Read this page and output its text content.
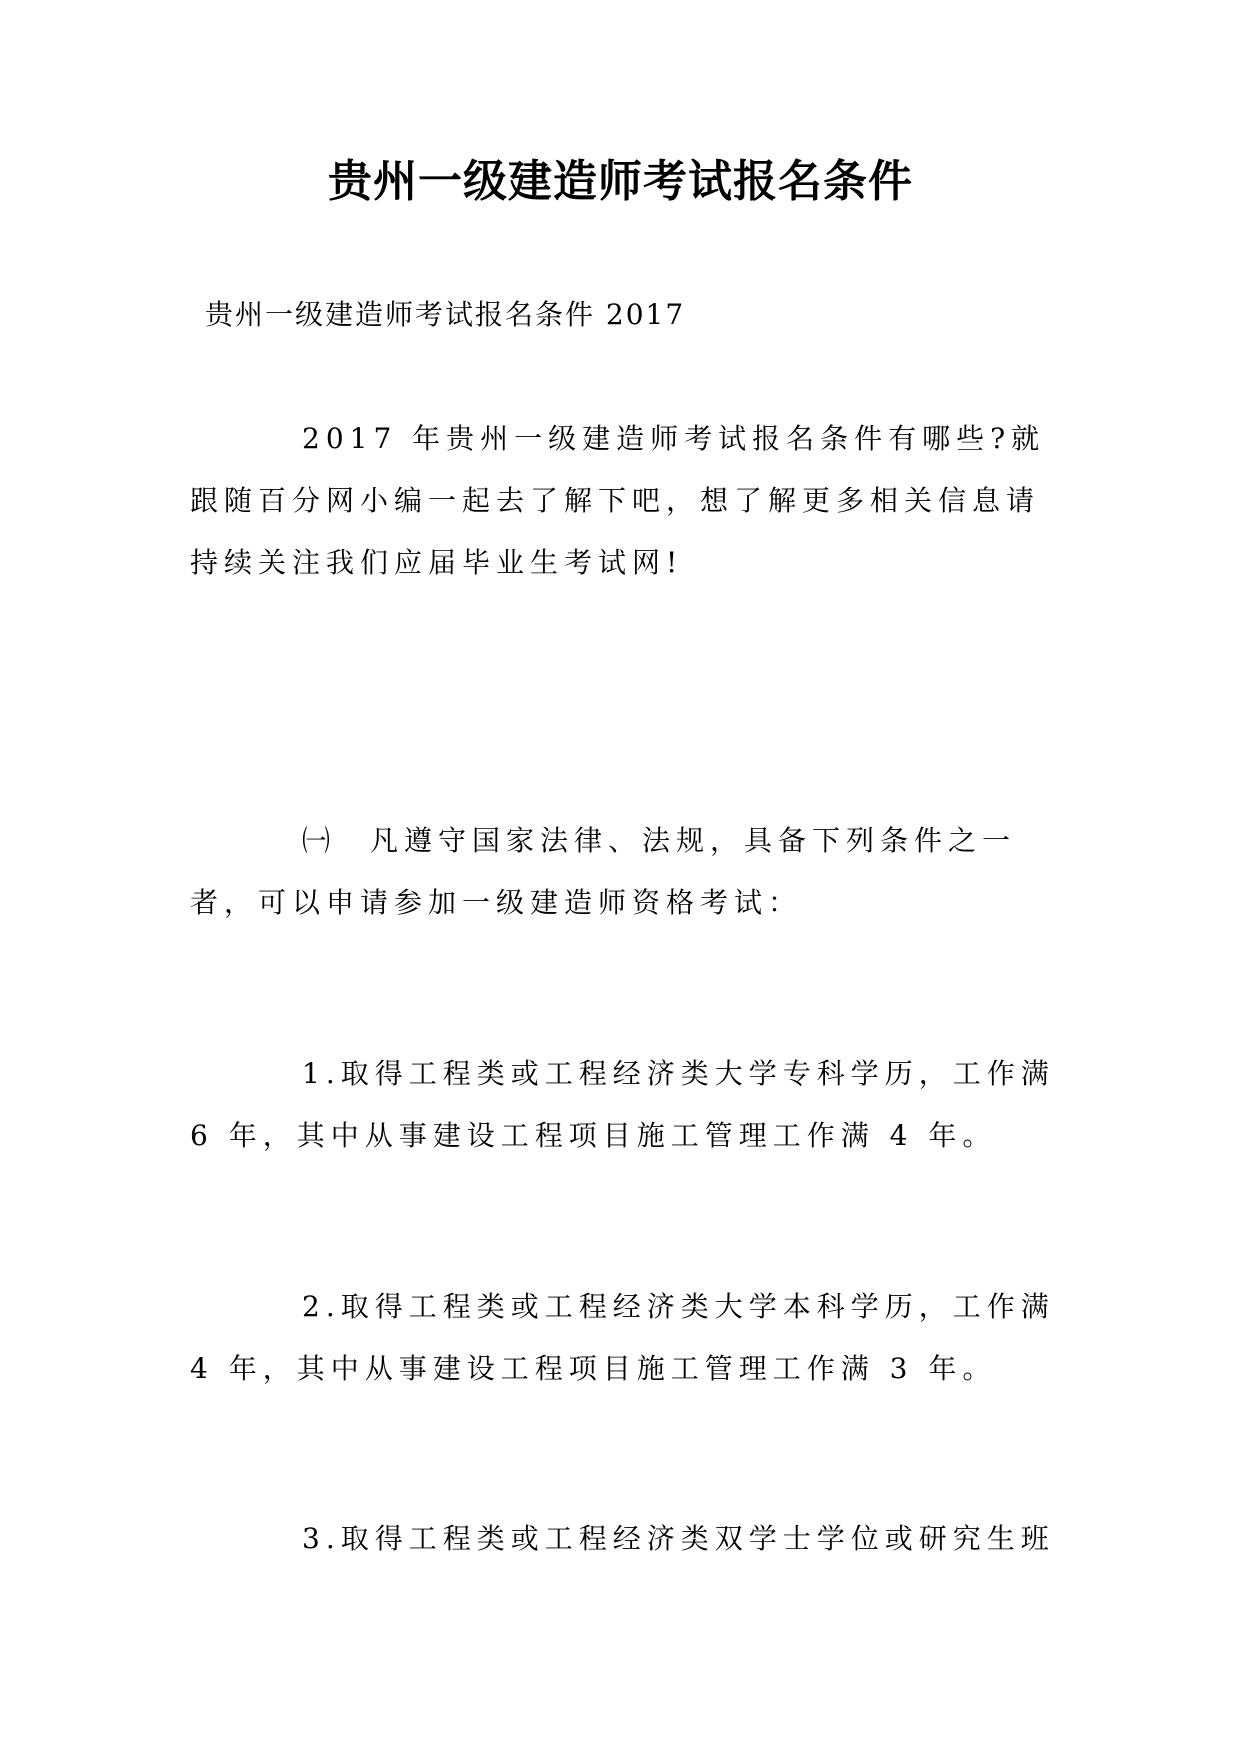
贵州一级建造师考试报名条件
贵州一级建造师考试报名条件 2017

2017 年贵州一级建造师考试报名条件有哪些?就跟随百分网小编一起去了解下吧，想了解更多相关信息请持续关注我们应届毕业生考试网!

㈠　凡遵守国家法律、法规，具备下列条件之一者，可以申请参加一级建造师资格考试：

1.取得工程类或工程经济类大学专科学历，工作满 6 年，其中从事建设工程项目施工管理工作满 4 年。

2.取得工程类或工程经济类大学本科学历，工作满 4 年，其中从事建设工程项目施工管理工作满 3 年。

3.取得工程类或工程经济类双学士学位或研究生班
